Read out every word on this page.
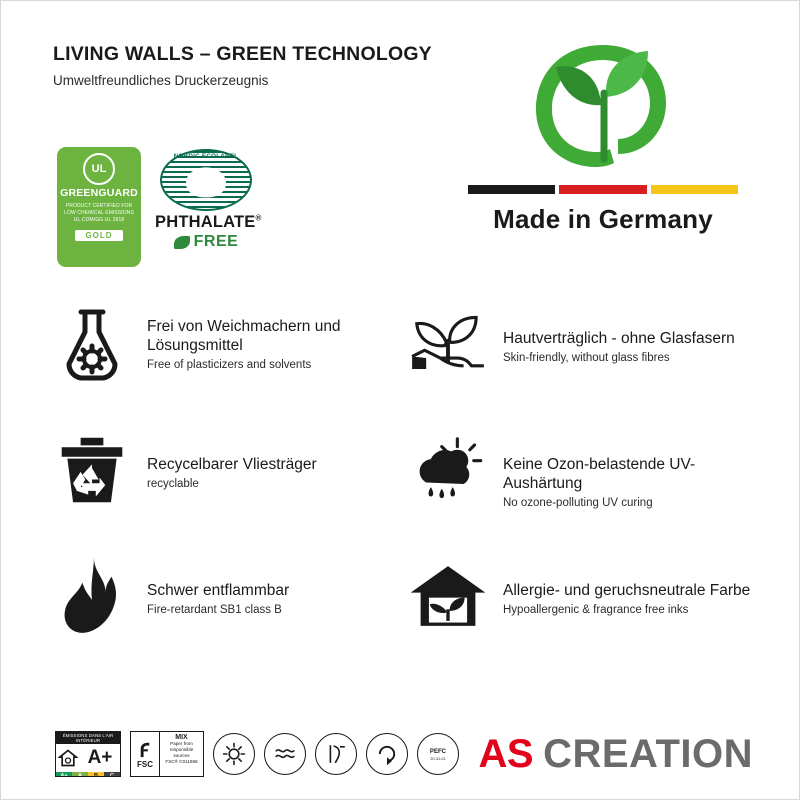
LIVING WALLS – GREEN TECHNOLOGY

Umweltfreundliches Druckerzeugnis

UL
GREENGUARD
PRODUCT CERTIFIED FOR LOW CHEMICAL EMISSIONS UL.COM/GG UL 2818
GOLD
NORDIC ECOLABEL
PHTHALATE®
FREE
Made in Germany

Frei von Weichmachern und Lösungsmittel

Free of plasticizers and solvents

Hautverträglich - ohne Glasfasern

Skin-friendly, without glass fibres

Recycelbarer Vliesträger

recyclable

Keine Ozon-belastende UV-Aushärtung

No ozone-polluting UV curing

Schwer entflammbar

Fire-retardant SB1 class B

Allergie- und geruchsneutrale Farbe

Hypoallergenic & fragrance free inks

ÉMISSIONS DANS L'AIR INTÉRIEUR
A+
A+	A	B	C
FSC
MIX
Paper from
responsible sources
FSC® C011968
PEFC
20-31-01 AS CREATION
